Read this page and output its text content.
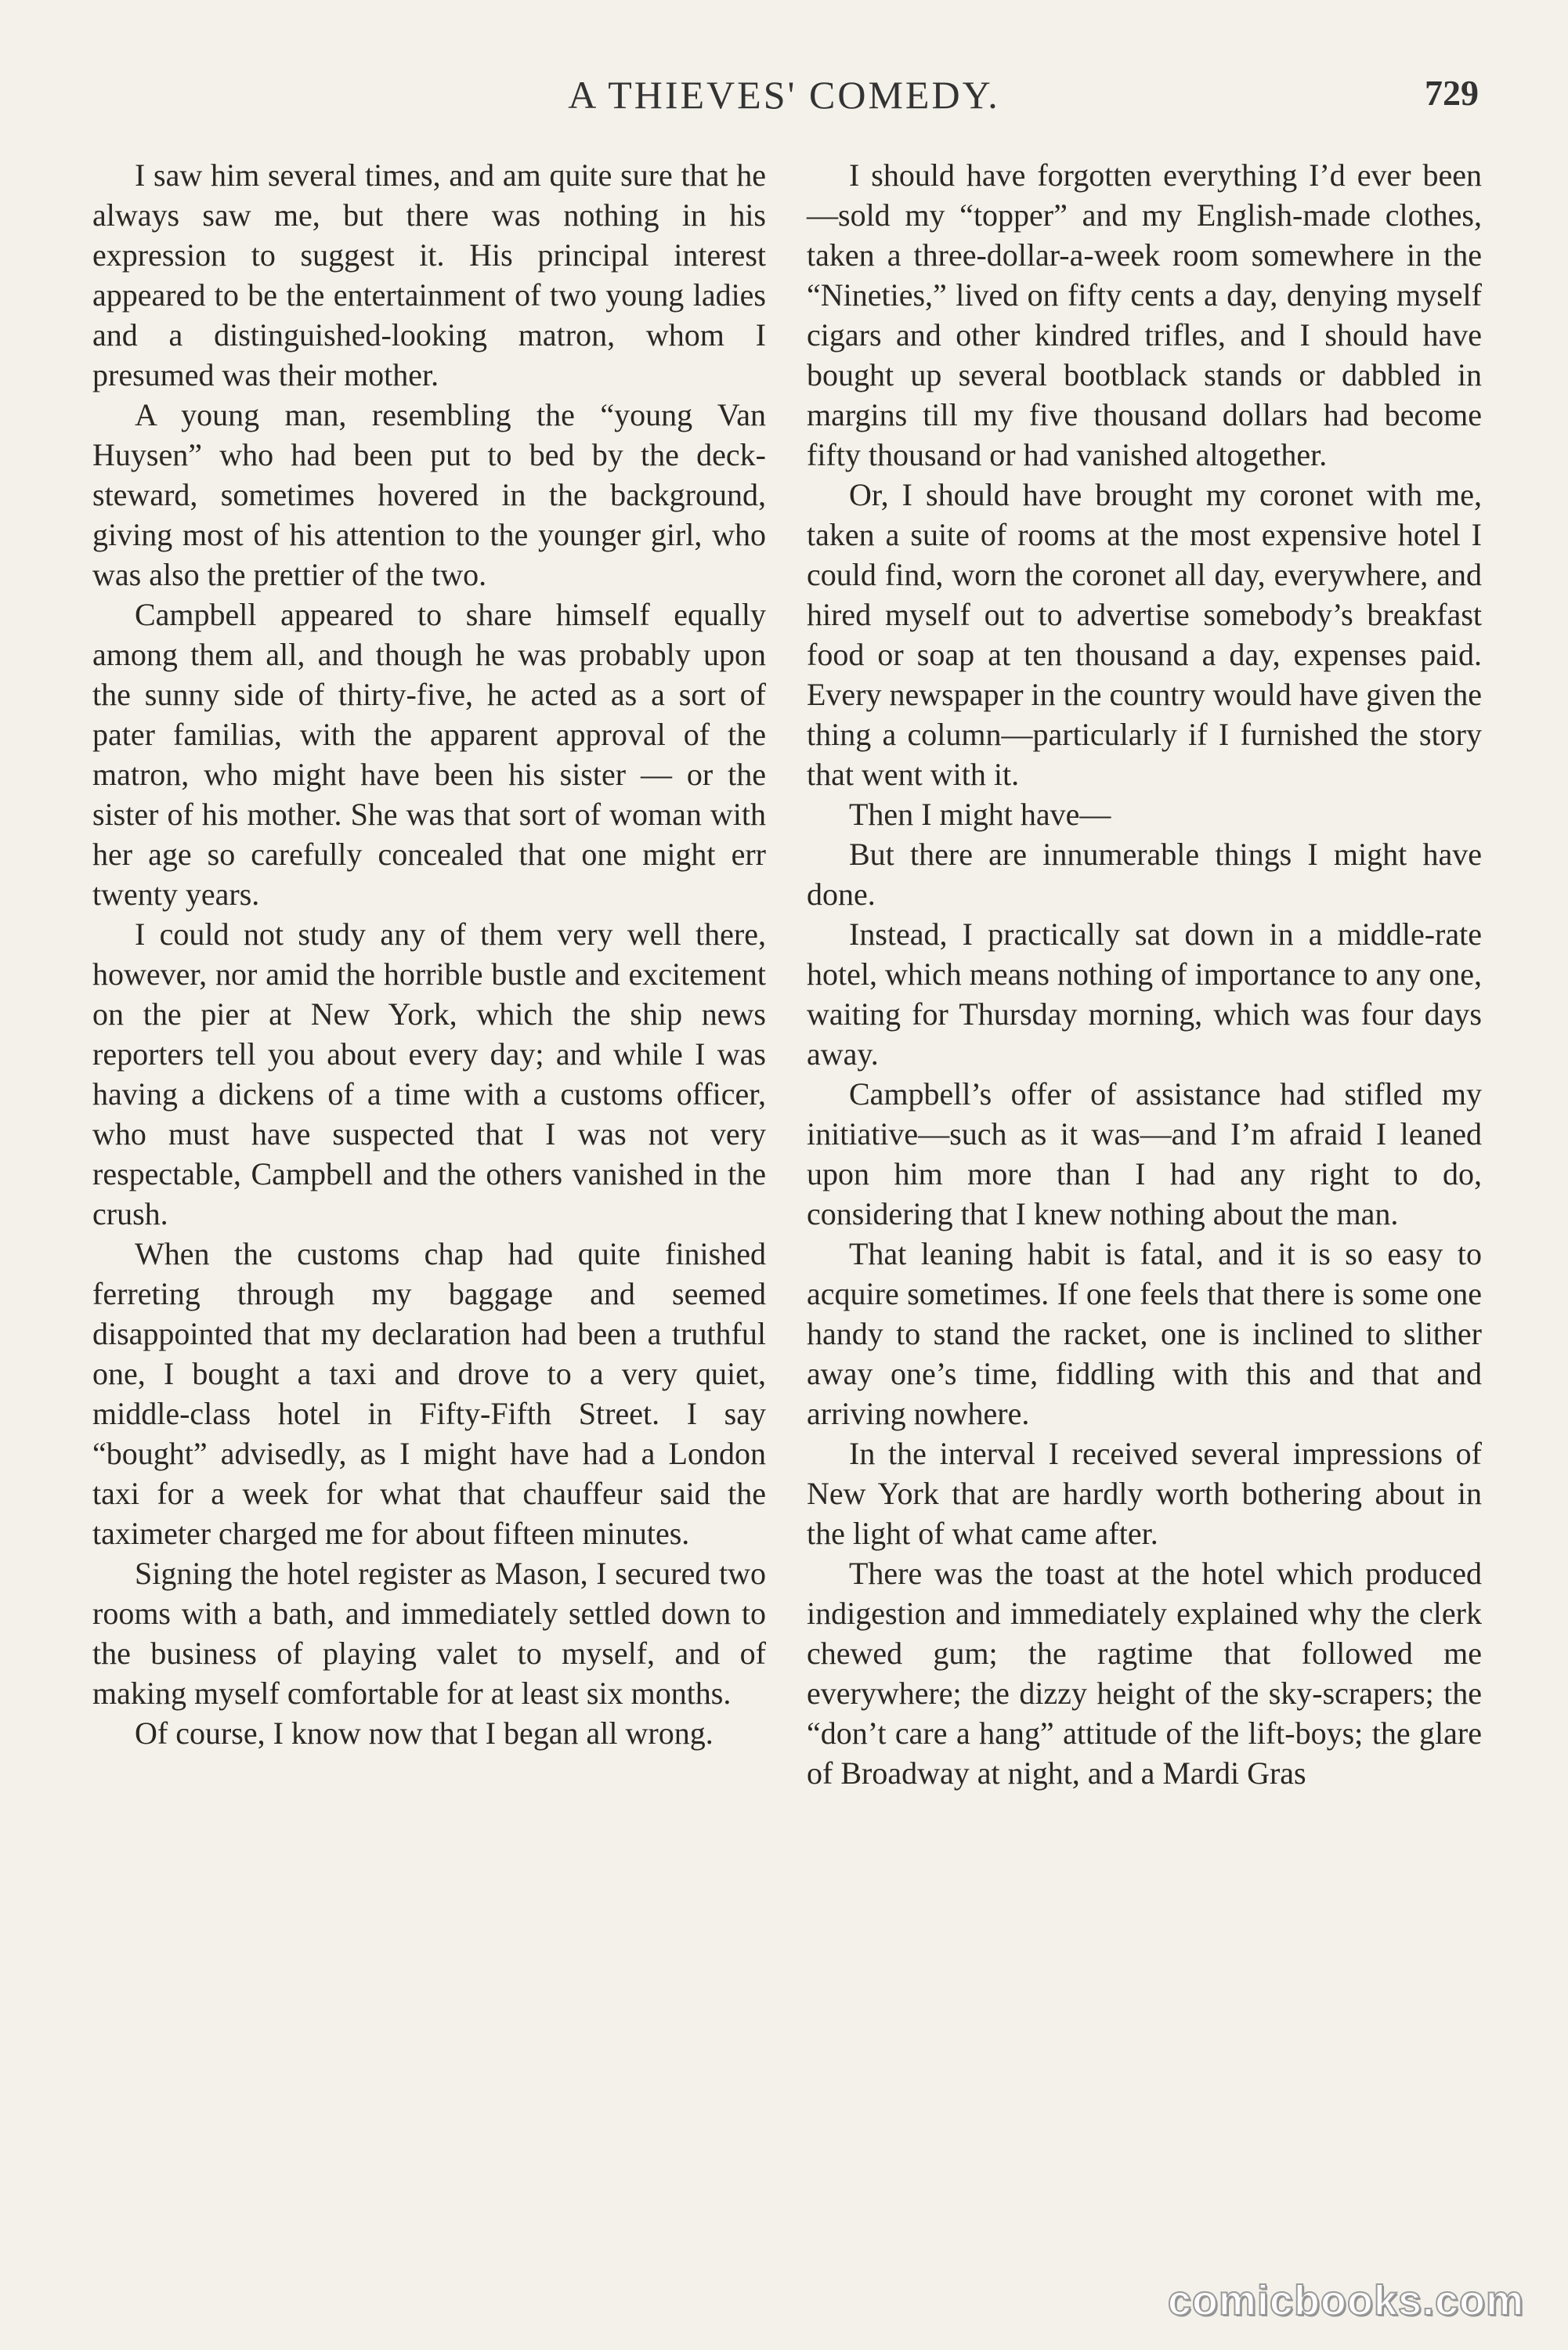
A THIEVES' COMEDY.	729

I saw him several times, and am quite sure that he always saw me, but there was nothing in his expression to suggest it. His principal interest appeared to be the entertainment of two young ladies and a distinguished-looking matron, whom I presumed was their mother.

A young man, resembling the “young Van Huysen” who had been put to bed by the deck-steward, sometimes hovered in the background, giving most of his attention to the younger girl, who was also the prettier of the two.

Campbell appeared to share himself equally among them all, and though he was probably upon the sunny side of thirty-five, he acted as a sort of pater familias, with the apparent approval of the matron, who might have been his sister — or the sister of his mother. She was that sort of woman with her age so carefully concealed that one might err twenty years.

I could not study any of them very well there, however, nor amid the horrible bustle and excitement on the pier at New York, which the ship news reporters tell you about every day; and while I was having a dickens of a time with a customs officer, who must have suspected that I was not very respectable, Campbell and the others vanished in the crush.

When the customs chap had quite finished ferreting through my baggage and seemed disappointed that my declaration had been a truthful one, I bought a taxi and drove to a very quiet, middle-class hotel in Fifty-Fifth Street. I say “bought” advisedly, as I might have had a London taxi for a week for what that chauffeur said the taximeter charged me for about fifteen minutes.

Signing the hotel register as Mason, I secured two rooms with a bath, and immediately settled down to the business of playing valet to myself, and of making myself comfortable for at least six months.

Of course, I know now that I began all wrong.

I should have forgotten everything I’d ever been—sold my “topper” and my English-made clothes, taken a three-dollar-a-week room somewhere in the “Nineties,” lived on fifty cents a day, denying myself cigars and other kindred trifles, and I should have bought up several bootblack stands or dabbled in margins till my five thousand dollars had become fifty thousand or had vanished altogether.

Or, I should have brought my coronet with me, taken a suite of rooms at the most expensive hotel I could find, worn the coronet all day, everywhere, and hired myself out to advertise somebody’s breakfast food or soap at ten thousand a day, expenses paid. Every newspaper in the country would have given the thing a column—particularly if I furnished the story that went with it.

Then I might have—

But there are innumerable things I might have done.

Instead, I practically sat down in a middle-rate hotel, which means nothing of importance to any one, waiting for Thursday morning, which was four days away.

Campbell’s offer of assistance had stifled my initiative—such as it was—and I’m afraid I leaned upon him more than I had any right to do, considering that I knew nothing about the man.

That leaning habit is fatal, and it is so easy to acquire sometimes. If one feels that there is some one handy to stand the racket, one is inclined to slither away one’s time, fiddling with this and that and arriving nowhere.

In the interval I received several impressions of New York that are hardly worth bothering about in the light of what came after.

There was the toast at the hotel which produced indigestion and immediately explained why the clerk chewed gum; the ragtime that followed me everywhere; the dizzy height of the sky-scrapers; the “don’t care a hang” attitude of the lift-boys; the glare of Broadway at night, and a Mardi Gras

comicbooks.com
